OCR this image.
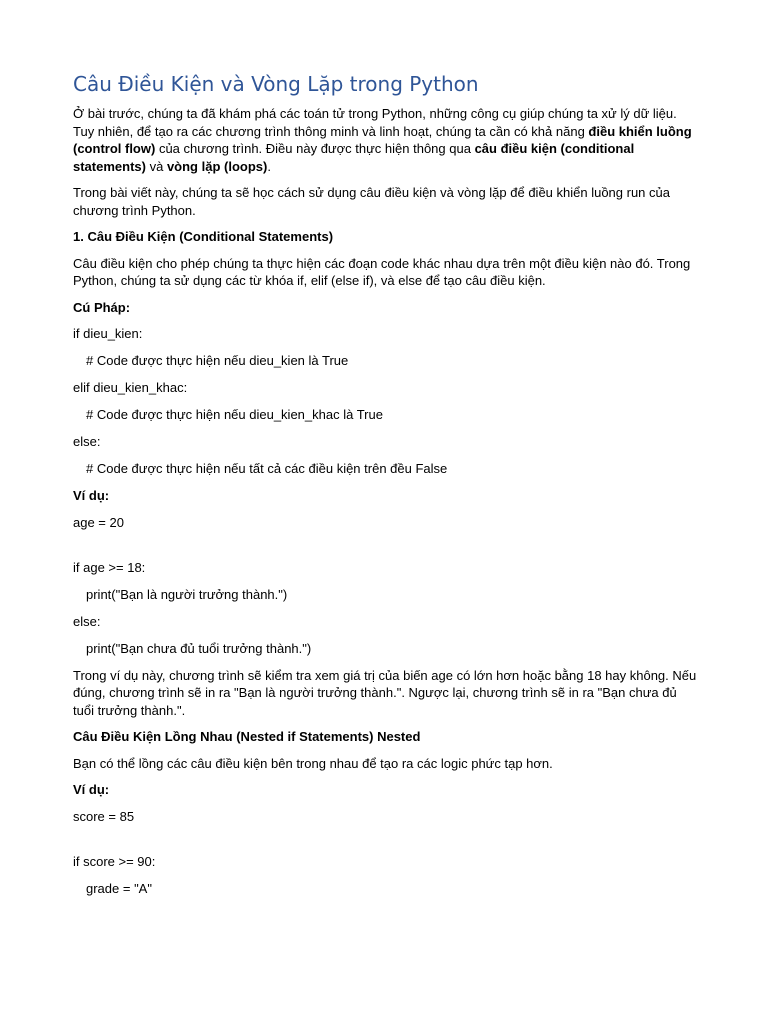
Câu Điều Kiện và Vòng Lặp trong Python

Ở bài trước, chúng ta đã khám phá các toán tử trong Python, những công cụ giúp chúng ta xử lý dữ liệu. Tuy nhiên, để tạo ra các chương trình thông minh và linh hoạt, chúng ta cần có khả năng điều khiển luồng (control flow) của chương trình. Điều này được thực hiện thông qua câu điều kiện (conditional statements) và vòng lặp (loops).

Trong bài viết này, chúng ta sẽ học cách sử dụng câu điều kiện và vòng lặp để điều khiển luồng run của chương trình Python.

1. Câu Điều Kiện (Conditional Statements)

Câu điều kiện cho phép chúng ta thực hiện các đoạn code khác nhau dựa trên một điều kiện nào đó. Trong Python, chúng ta sử dụng các từ khóa if, elif (else if), và else để tạo câu điều kiện.

Cú Pháp:

if dieu_kien:

# Code được thực hiện nếu dieu_kien là True

elif dieu_kien_khac:

# Code được thực hiện nếu dieu_kien_khac là True

else:

# Code được thực hiện nếu tất cả các điều kiện trên đều False

Ví dụ:

age = 20

if age >= 18:

print("Bạn là người trưởng thành.")

else:

print("Bạn chưa đủ tuổi trưởng thành.")

Trong ví dụ này, chương trình sẽ kiểm tra xem giá trị của biến age có lớn hơn hoặc bằng 18 hay không. Nếu đúng, chương trình sẽ in ra "Bạn là người trưởng thành.". Ngược lại, chương trình sẽ in ra "Bạn chưa đủ tuổi trưởng thành.".

Câu Điều Kiện Lồng Nhau (Nested if Statements) Nested

Bạn có thể lồng các câu điều kiện bên trong nhau để tạo ra các logic phức tạp hơn.

Ví dụ:

score = 85

if score >= 90:

grade = "A"
